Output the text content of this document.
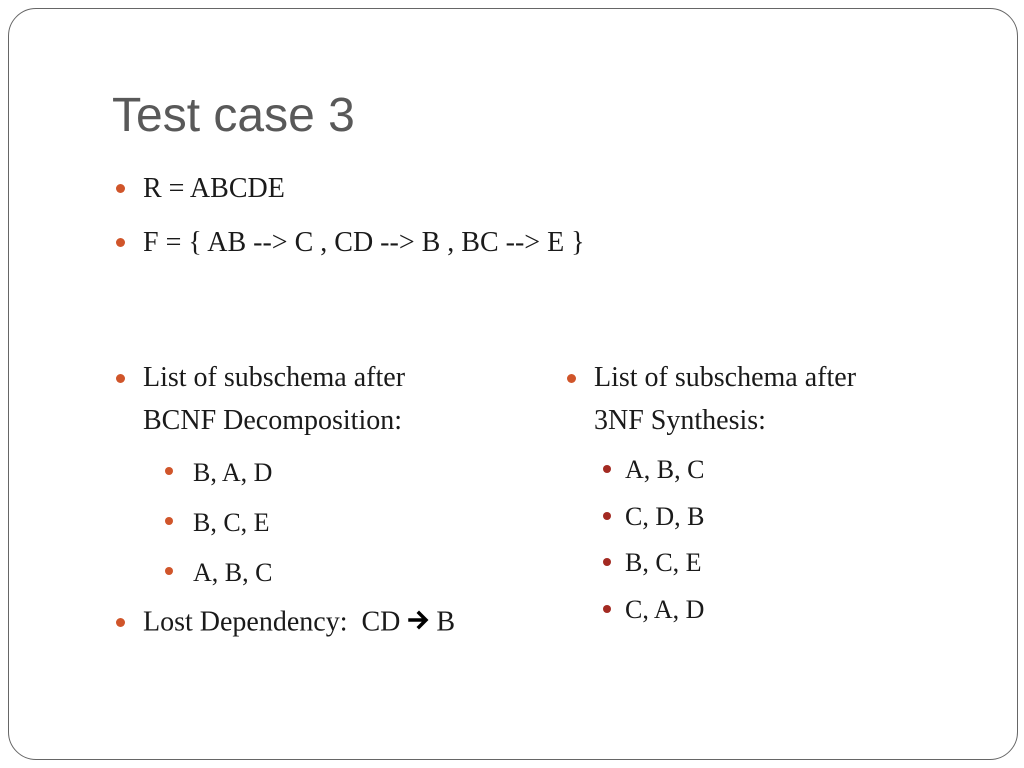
Test case 3
R = ABCDE
F = { AB --> C , CD --> B , BC --> E }
List of subschema after
BCNF Decomposition:
B, A, D
B, C, E
A, B, C
Lost Dependency: CD B
List of subschema after
3NF Synthesis:
A, B, C
C, D, B
B, C, E
C, A, D
